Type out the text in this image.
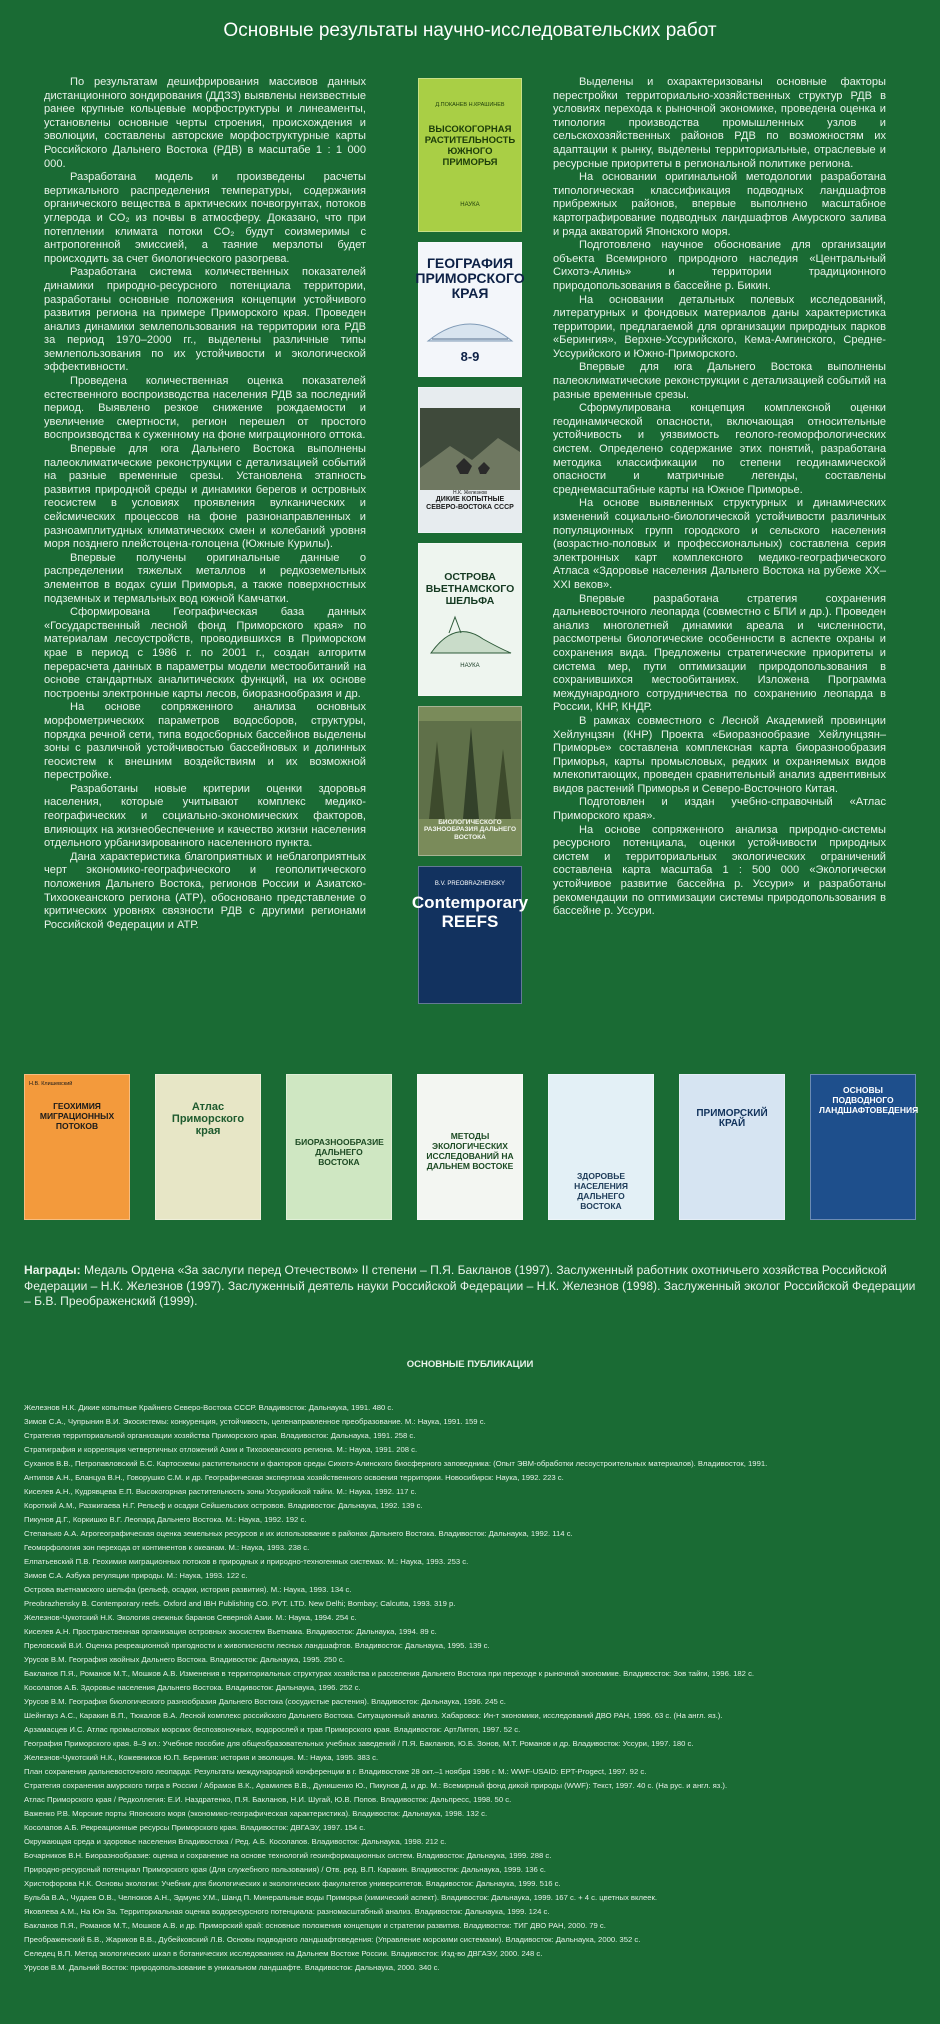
Основные результаты научно-исследовательских работ

По результатам дешифрирования массивов данных дистанционного зондирования (ДДЗЗ) выявлены неизвестные ранее крупные кольцевые морфоструктуры и линеаменты, установлены основные черты строения, происхождения и эволюции, составлены авторские морфоструктурные карты Российского Дальнего Востока (РДВ) в масштабе 1 : 1 000 000.

Разработана модель и произведены расчеты вертикального распределения температуры, содержания органического вещества в арктических почвогрунтах, потоков углерода и CO₂ из почвы в атмосферу. Доказано, что при потеплении климата потоки CO₂ будут соизмеримы с антропогенной эмиссией, а таяние мерзлоты будет происходить за счет биологического разогрева.

Разработана система количественных показателей динамики природно-ресурсного потенциала территории, разработаны основные положения концепции устойчивого развития региона на примере Приморского края. Проведен анализ динамики землепользования на территории юга РДВ за период 1970–2000 гг., выделены различные типы землепользования по их устойчивости и экологической эффективности.

Проведена количественная оценка показателей естественного воспроизводства населения РДВ за последний период. Выявлено резкое снижение рождаемости и увеличение смертности, регион перешел от простого воспроизводства к суженному на фоне миграционного оттока.

Впервые для юга Дальнего Востока выполнены палеоклиматические реконструкции с детализацией событий на разные временные срезы. Установлена этапность развития природной среды и динамики берегов и островных геосистем в условиях проявления вулканических и сейсмических процессов на фоне разнонаправленных и разноамплитудных климатических смен и колебаний уровня моря позднего плейстоцена-голоцена (Южные Курилы).

Впервые получены оригинальные данные о распределении тяжелых металлов и редкоземельных элементов в водах суши Приморья, а также поверхностных подземных и термальных вод южной Камчатки.

Сформирована Географическая база данных «Государственный лесной фонд Приморского края» по материалам лесоустройств, проводившихся в Приморском крае в период с 1986 г. по 2001 г., создан алгоритм перерасчета данных в параметры модели местообитаний на основе стандартных аналитических функций, на их основе построены электронные карты лесов, биоразнообразия и др.

На основе сопряженного анализа основных морфометрических параметров водосборов, структуры, порядка речной сети, типа водосборных бассейнов выделены зоны с различной устойчивостью бассейновых и долинных геосистем к внешним воздействиям и их возможной перестройке.

Разработаны новые критерии оценки здоровья населения, которые учитывают комплекс медико-географических и социально-экономических факторов, влияющих на жизнеобеспечение и качество жизни населения отдельного урбанизированного населенного пункта.

Дана характеристика благоприятных и неблагоприятных черт экономико-географического и геополитического положения Дальнего Востока, регионов России и Азиатско-Тихоокеанского региона (АТР), обосновано представление о критических уровнях связности РДВ с другими регионами Российской Федерации и АТР.

Д.ПОКАНЕВ Н.КРАШИНЕВ
ВЫСОКОГОРНАЯ РАСТИТЕЛЬНОСТЬ ЮЖНОГО ПРИМОРЬЯ
НАУКА
ГЕОГРАФИЯ ПРИМОРСКОГО КРАЯ
8-9
Н.К. Железнов
ДИКИЕ КОПЫТНЫЕ СЕВЕРО-ВОСТОКА СССР
ОСТРОВА ВЬЕТНАМСКОГО ШЕЛЬФА
НАУКА
БИОЛОГИЧЕСКОГО РАЗНООБРАЗИЯ ДАЛЬНЕГО ВОСТОКА
B.V. PREOBRAZHENSKY
Contemporary REEFS

Выделены и охарактеризованы основные факторы перестройки территориально-хозяйственных структур РДВ в условиях перехода к рыночной экономике, проведена оценка и типология производства промышленных узлов и сельскохозяйственных районов РДВ по возможностям их адаптации к рынку, выделены территориальные, отраслевые и ресурсные приоритеты в региональной политике региона.

На основании оригинальной методологии разработана типологическая классификация подводных ландшафтов прибрежных районов, впервые выполнено масштабное картографирование подводных ландшафтов Амурского залива и ряда акваторий Японского моря.

Подготовлено научное обоснование для организации объекта Всемирного природного наследия «Центральный Сихотэ-Алинь» и территории традиционного природопользования в бассейне р. Бикин.

На основании детальных полевых исследований, литературных и фондовых материалов даны характеристика территории, предлагаемой для организации природных парков «Берингия», Верхне-Уссурийского, Кема-Амгинского, Средне-Уссурийского и Южно-Приморского.

Впервые для юга Дальнего Востока выполнены палеоклиматические реконструкции с детализацией событий на разные временные срезы.

Сформулирована концепция комплексной оценки геодинамической опасности, включающая относительные устойчивость и уязвимость геолого-геоморфологических систем. Определено содержание этих понятий, разработана методика классификации по степени геодинамической опасности и матричные легенды, составлены среднемасштабные карты на Южное Приморье.

На основе выявленных структурных и динамических изменений социально-биологической устойчивости различных популяционных групп городского и сельского населения (возрастно-половых и профессиональных) составлена серия электронных карт комплексного медико-географического Атласа «Здоровье населения Дальнего Востока на рубеже XX–XXI веков».

Впервые разработана стратегия сохранения дальневосточного леопарда (совместно с БПИ и др.). Проведен анализ многолетней динамики ареала и численности, рассмотрены биологические особенности в аспекте охраны и сохранения вида. Предложены стратегические приоритеты и система мер, пути оптимизации природопользования в сохранившихся местообитаниях. Изложена Программа международного сотрудничества по сохранению леопарда в России, КНР, КНДР.

В рамках совместного с Лесной Академией провинции Хейлунцзян (КНР) Проекта «Биоразнообразие Хейлунцзян–Приморье» составлена комплексная карта биоразнообразия Приморья, карты промысловых, редких и охраняемых видов млекопитающих, проведен сравнительный анализ адвентивных видов растений Приморья и Северо-Восточного Китая.

Подготовлен и издан учебно-справочный «Атлас Приморского края».

На основе сопряженного анализа природно-системы ресурсного потенциала, оценки устойчивости природных систем и территориальных экологических ограничений составлена карта масштаба 1 : 500 000 «Экологически устойчивое развитие бассейна р. Уссури» и разработаны рекомендации по оптимизации системы природопользования в бассейне р. Уссури.

Н.В. Клишевский
ГЕОХИМИЯ МИГРАЦИОННЫХ ПОТОКОВ
Атлас Приморского края
БИОРАЗНООБРАЗИЕ ДАЛЬНЕГО ВОСТОКА
МЕТОДЫ ЭКОЛОГИЧЕСКИХ ИССЛЕДОВАНИЙ НА ДАЛЬНЕМ ВОСТОКЕ
ЗДОРОВЬЕ НАСЕЛЕНИЯ ДАЛЬНЕГО ВОСТОКА
ПРИМОРСКИЙ КРАЙ
ОСНОВЫ ПОДВОДНОГО ЛАНДШАФТОВЕДЕНИЯ
Награды: Медаль Ордена «За заслуги перед Отечеством» II степени – П.Я. Бакланов (1997). Заслуженный работник охотничьего хозяйства Российской Федерации – Н.К. Железнов (1997). Заслуженный деятель науки Российской Федерации – Н.К. Железнов (1998). Заслуженный эколог Российской Федерации – Б.В. Преображенский (1999).
ОСНОВНЫЕ ПУБЛИКАЦИИ
Железнов Н.К. Дикие копытные Крайнего Северо-Востока СССР. Владивосток: Дальнаука, 1991. 480 с.
Зимов С.А., Чупрынин В.И. Экосистемы: конкуренция, устойчивость, целенаправленное преобразование. М.: Наука, 1991. 159 с.
Стратегия территориальной организации хозяйства Приморского края. Владивосток: Дальнаука, 1991. 258 с.
Стратиграфия и корреляция четвертичных отложений Азии и Тихоокеанского региона. М.: Наука, 1991. 208 с.
Суханов В.В., Петропавловский Б.С. Картосхемы растительности и факторов среды Сихотэ-Алинского биосферного заповедника: (Опыт ЭВМ-обработки лесоустроительных материалов). Владивосток, 1991.
Антипов А.Н., Бланцуа В.Н., Говорушко С.М. и др. Географическая экспертиза хозяйственного освоения территории. Новосибирск: Наука, 1992. 223 с.
Киселев А.Н., Кудрявцева Е.П. Высокогорная растительность зоны Уссурийской тайги. М.: Наука, 1992. 117 с.
Короткий А.М., Разжигаева Н.Г. Рельеф и осадки Сейшельских островов. Владивосток: Дальнаука, 1992. 139 с.
Пикунов Д.Г., Коркишко В.Г. Леопард Дальнего Востока. М.: Наука, 1992. 192 с.
Степанько А.А. Агрогеографическая оценка земельных ресурсов и их использование в районах Дальнего Востока. Владивосток: Дальнаука, 1992. 114 с.
Геоморфология зон перехода от континентов к океанам. М.: Наука, 1993. 238 с.
Елпатьевский П.В. Геохимия миграционных потоков в природных и природно-техногенных системах. М.: Наука, 1993. 253 с.
Зимов С.А. Азбука регуляции природы. М.: Наука, 1993. 122 с.
Острова вьетнамского шельфа (рельеф, осадки, история развития). М.: Наука, 1993. 134 с.
Preobrazhensky B. Contemporary reefs. Oxford and IBH Publishing CO. PVT. LTD. New Delhi; Bombay; Calcutta, 1993. 319 p.
Железнов-Чукотский Н.К. Экология снежных баранов Северной Азии. М.: Наука, 1994. 254 с.
Киселев А.Н. Пространственная организация островных экосистем Вьетнама. Владивосток: Дальнаука, 1994. 89 с.
Преловский В.И. Оценка рекреационной пригодности и живописности лесных ландшафтов. Владивосток: Дальнаука, 1995. 139 с.
Урусов В.М. География хвойных Дальнего Востока. Владивосток: Дальнаука, 1995. 250 с.
Бакланов П.Я., Романов М.Т., Мошков А.В. Изменения в территориальных структурах хозяйства и расселения Дальнего Востока при переходе к рыночной экономике. Владивосток: Зов тайги, 1996. 182 с.
Косолапов А.Б. Здоровье населения Дальнего Востока. Владивосток: Дальнаука, 1996. 252 с.
Урусов В.М. География биологического разнообразия Дальнего Востока (сосудистые растения). Владивосток: Дальнаука, 1996. 245 с.
Шейнгауз А.С., Каракин В.П., Тюкалов В.А. Лесной комплекс российского Дальнего Востока. Ситуационный анализ. Хабаровск: Ин-т экономики, исследований ДВО РАН, 1996. 63 с. (На англ. яз.).
Арзамасцев И.С. Атлас промысловых морских беспозвоночных, водорослей и трав Приморского края. Владивосток: АртЛитоп, 1997. 52 с.
География Приморского края. 8–9 кл.: Учебное пособие для общеобразовательных учебных заведений / П.Я. Бакланов, Ю.Б. Зонов, М.Т. Романов и др. Владивосток: Уссури, 1997. 180 с.
Железнов-Чукотский Н.К., Кожевников Ю.П. Берингия: история и эволюция. М.: Наука, 1995. 383 с.
План сохранения дальневосточного леопарда: Результаты международной конференции в г. Владивостоке 28 окт.–1 ноября 1996 г. М.: WWF-USAID: EPT-Progect, 1997. 92 с.
Стратегия сохранения амурского тигра в России / Абрамов В.К., Арамилев В.В., Дунишенко Ю., Пикунов Д. и др. М.: Всемирный фонд дикой природы (WWF): Текст, 1997. 40 с. (На рус. и англ. яз.).
Атлас Приморского края / Редколлегия: Е.И. Наздратенко, П.Я. Бакланов, Н.И. Шугай, Ю.В. Попов. Владивосток: Дальпресс, 1998. 50 с.
Важенко Р.В. Морские порты Японского моря (экономико-географическая характеристика). Владивосток: Дальнаука, 1998. 132 с.
Косолапов А.Б. Рекреационные ресурсы Приморского края. Владивосток: ДВГАЭУ, 1997. 154 с.
Окружающая среда и здоровье населения Владивостока / Ред. А.Б. Косолапов. Владивосток: Дальнаука, 1998. 212 с.
Бочарников В.Н. Биоразнообразие: оценка и сохранение на основе технологий геоинформационных систем. Владивосток: Дальнаука, 1999. 288 с.
Природно-ресурсный потенциал Приморского края (Для служебного пользования) / Отв. ред. В.П. Каракин. Владивосток: Дальнаука, 1999. 136 с.
Христофорова Н.К. Основы экологии: Учебник для биологических и экологических факультетов университетов. Владивосток: Дальнаука, 1999. 516 с.
Бульба В.А., Чудаев О.В., Челноков А.Н., Эдмунс У.М., Шанд П. Минеральные воды Приморья (химический аспект). Владивосток: Дальнаука, 1999. 167 с. + 4 с. цветных вклеек.
Яковлева А.М., На Юн За. Территориальная оценка водоресурсного потенциала: разномасштабный анализ. Владивосток: Дальнаука, 1999. 124 с.
Бакланов П.Я., Романов М.Т., Мошков А.В. и др. Приморский край: основные положения концепции и стратегии развития. Владивосток: ТИГ ДВО РАН, 2000. 79 с.
Преображенский Б.В., Жариков В.В., Дубейковский Л.В. Основы подводного ландшафтоведения: (Управление морскими системами). Владивосток: Дальнаука, 2000. 352 с.
Селедец В.П. Метод экологических шкал в ботанических исследованиях на Дальнем Востоке России. Владивосток: Изд-во ДВГАЭУ, 2000. 248 с.
Урусов В.М. Дальний Восток: природопользование в уникальном ландшафте. Владивосток: Дальнаука, 2000. 340 с.
